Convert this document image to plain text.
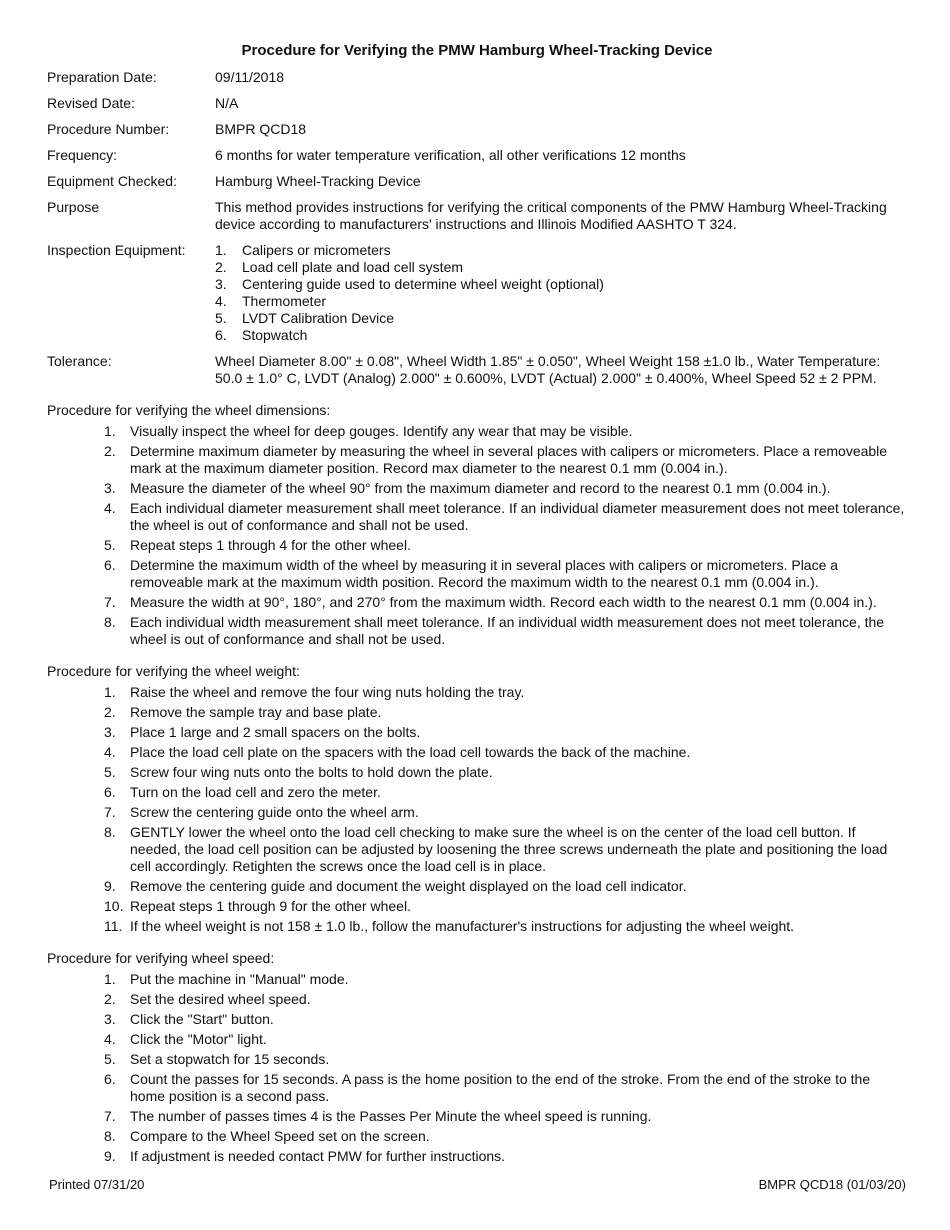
Procedure for Verifying the PMW Hamburg Wheel-Tracking Device
Preparation Date:	09/11/2018
Revised Date:	N/A
Procedure Number:	BMPR QCD18
Frequency:	6 months for water temperature verification, all other verifications 12 months
Equipment Checked:	Hamburg Wheel-Tracking Device
Purpose	This method provides instructions for verifying the critical components of the PMW Hamburg Wheel-Tracking device according to manufacturers' instructions and Illinois Modified AASHTO T 324.
Inspection Equipment:	1.	Calipers or micrometers
2.	Load cell plate and load cell system
3.	Centering guide used to determine wheel weight (optional)
4.	Thermometer
5.	LVDT Calibration Device
6.	Stopwatch
Tolerance:	Wheel Diameter 8.00" ± 0.08", Wheel Width 1.85" ± 0.050", Wheel Weight 158 ±1.0 lb., Water Temperature: 50.0 ± 1.0° C, LVDT (Analog) 2.000" ± 0.600%, LVDT (Actual) 2.000" ± 0.400%, Wheel Speed 52 ± 2 PPM.
Procedure for verifying the wheel dimensions:
1.	Visually inspect the wheel for deep gouges. Identify any wear that may be visible.
2.	Determine maximum diameter by measuring the wheel in several places with calipers or micrometers. Place a removeable mark at the maximum diameter position. Record max diameter to the nearest 0.1 mm (0.004 in.).
3.	Measure the diameter of the wheel 90° from the maximum diameter and record to the nearest 0.1 mm (0.004 in.).
4.	Each individual diameter measurement shall meet tolerance. If an individual diameter measurement does not meet tolerance, the wheel is out of conformance and shall not be used.
5.	Repeat steps 1 through 4 for the other wheel.
6.	Determine the maximum width of the wheel by measuring it in several places with calipers or micrometers. Place a removeable mark at the maximum width position. Record the maximum width to the nearest 0.1 mm (0.004 in.).
7.	Measure the width at 90°, 180°, and 270° from the maximum width. Record each width to the nearest 0.1 mm (0.004 in.).
8.	Each individual width measurement shall meet tolerance. If an individual width measurement does not meet tolerance, the wheel is out of conformance and shall not be used.
Procedure for verifying the wheel weight:
1.	Raise the wheel and remove the four wing nuts holding the tray.
2.	Remove the sample tray and base plate.
3.	Place 1 large and 2 small spacers on the bolts.
4.	Place the load cell plate on the spacers with the load cell towards the back of the machine.
5.	Screw four wing nuts onto the bolts to hold down the plate.
6.	Turn on the load cell and zero the meter.
7.	Screw the centering guide onto the wheel arm.
8.	GENTLY lower the wheel onto the load cell checking to make sure the wheel is on the center of the load cell button. If needed, the load cell position can be adjusted by loosening the three screws underneath the plate and positioning the load cell accordingly. Retighten the screws once the load cell is in place.
9.	Remove the centering guide and document the weight displayed on the load cell indicator.
10. Repeat steps 1 through 9 for the other wheel.
11. If the wheel weight is not 158 ± 1.0 lb., follow the manufacturer's instructions for adjusting the wheel weight.
Procedure for verifying wheel speed:
1.	Put the machine in "Manual" mode.
2.	Set the desired wheel speed.
3.	Click the "Start" button.
4.	Click the "Motor" light.
5.	Set a stopwatch for 15 seconds.
6.	Count the passes for 15 seconds. A pass is the home position to the end of the stroke. From the end of the stroke to the home position is a second pass.
7.	The number of passes times 4 is the Passes Per Minute the wheel speed is running.
8.	Compare to the Wheel Speed set on the screen.
9.	If adjustment is needed contact PMW for further instructions.
Printed 07/31/20	BMPR QCD18 (01/03/20)
